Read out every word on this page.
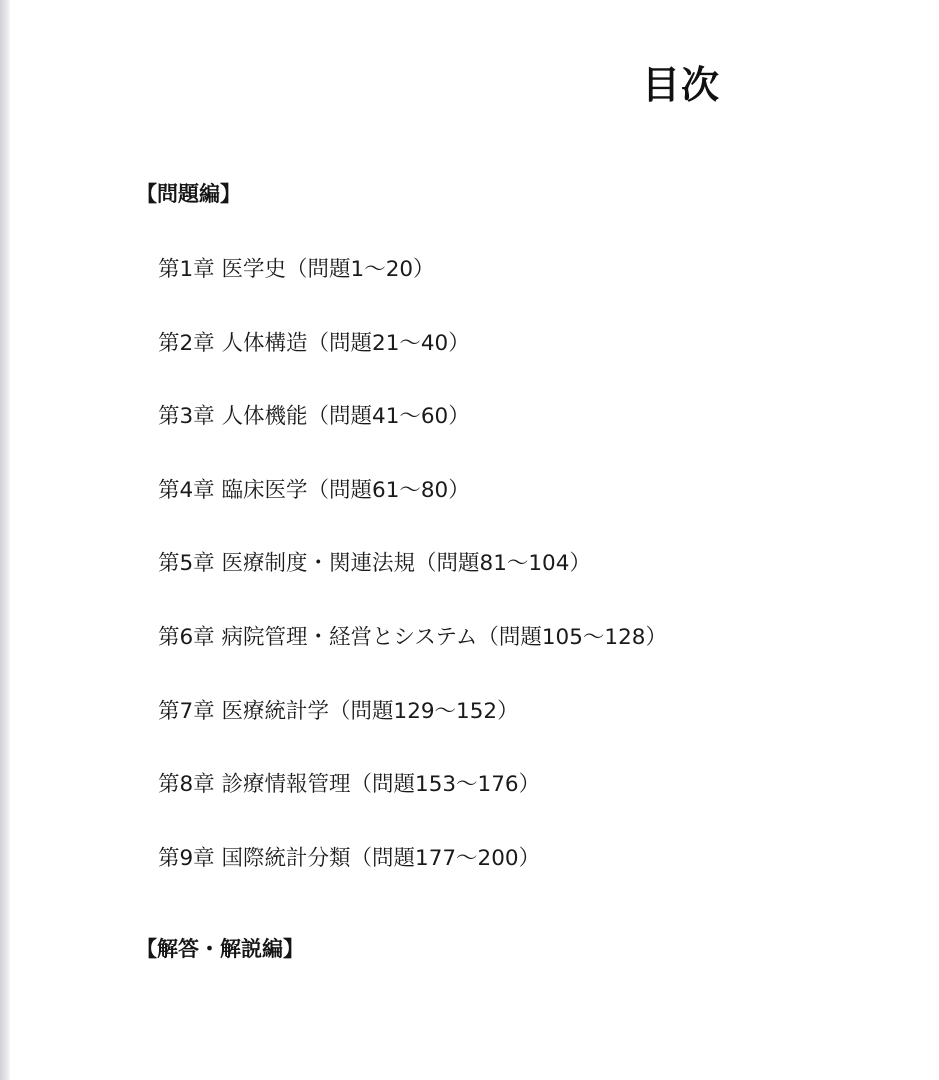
目次
【問題編】
第1章 医学史（問題1～20）
第2章 人体構造（問題21～40）
第3章 人体機能（問題41～60）
第4章 臨床医学（問題61～80）
第5章 医療制度・関連法規（問題81～104）
第6章 病院管理・経営とシステム（問題105～128）
第7章 医療統計学（問題129～152）
第8章 診療情報管理（問題153～176）
第9章 国際統計分類（問題177～200）
【解答・解説編】
